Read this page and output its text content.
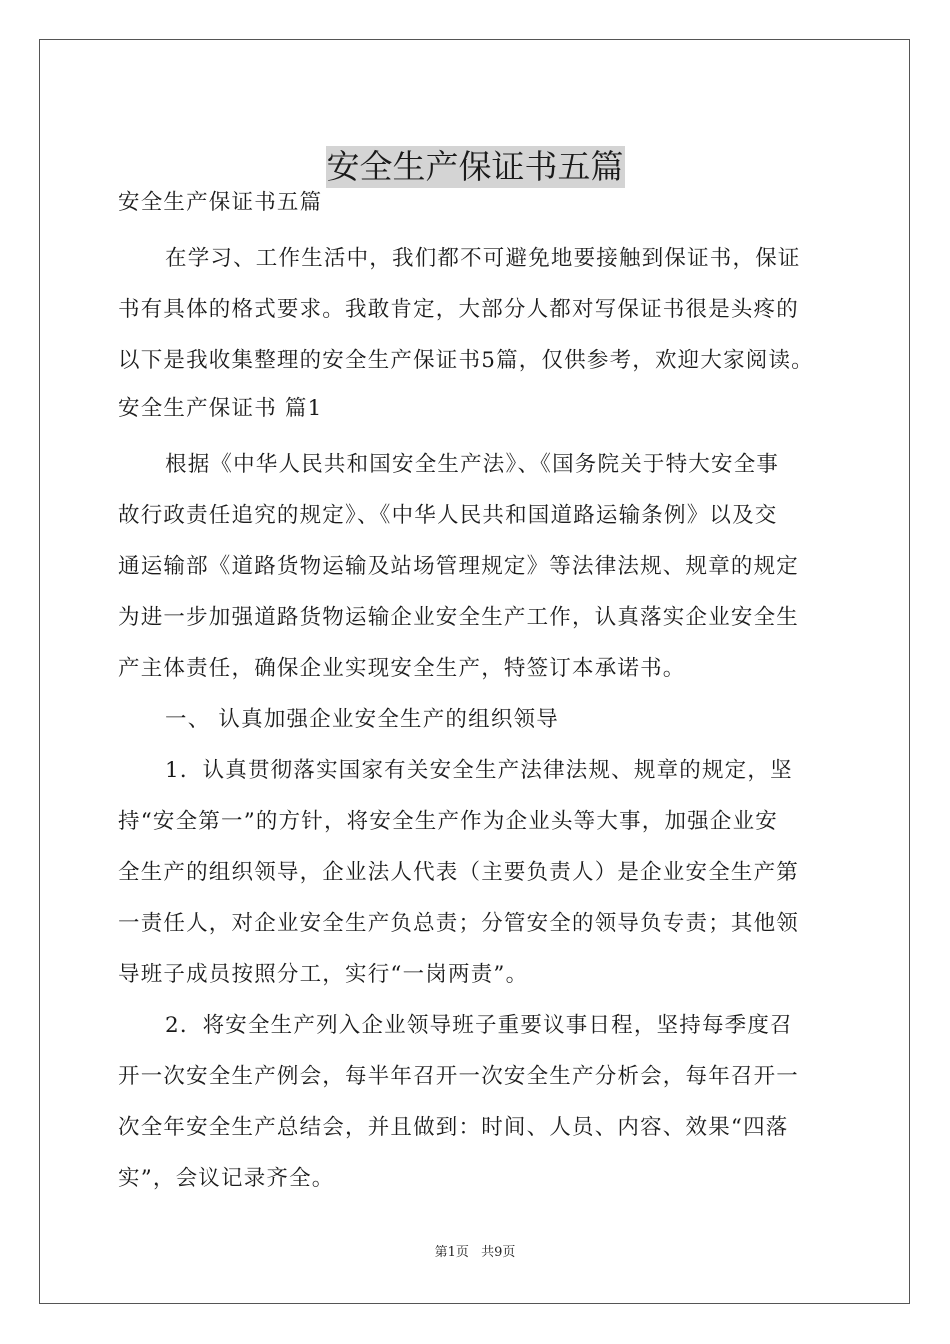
安全生产保证书五篇
安全生产保证书五篇
在学习、工作生活中，我们都不可避免地要接触到保证书，保证
书有具体的格式要求。我敢肯定，大部分人都对写保证书很是头疼的
以下是我收集整理的安全生产保证书5篇，仅供参考，欢迎大家阅读。
安全生产保证书 篇1
根据《中华人民共和国安全生产法》、《国务院关于特大安全事
故行政责任追究的规定》、《中华人民共和国道路运输条例》以及交
通运输部《道路货物运输及站场管理规定》等法律法规、规章的规定
为进一步加强道路货物运输企业安全生产工作，认真落实企业安全生
产主体责任，确保企业实现安全生产，特签订本承诺书。
一、 认真加强企业安全生产的组织领导
1．认真贯彻落实国家有关安全生产法律法规、规章的规定，坚
持“安全第一”的方针，将安全生产作为企业头等大事，加强企业安
全生产的组织领导，企业法人代表（主要负责人）是企业安全生产第
一责任人，对企业安全生产负总责；分管安全的领导负专责；其他领
导班子成员按照分工，实行“一岗两责”。
2．将安全生产列入企业领导班子重要议事日程，坚持每季度召
开一次安全生产例会，每半年召开一次安全生产分析会，每年召开一
次全年安全生产总结会，并且做到：时间、人员、内容、效果“四落
实”，会议记录齐全。
第1页 共9页
